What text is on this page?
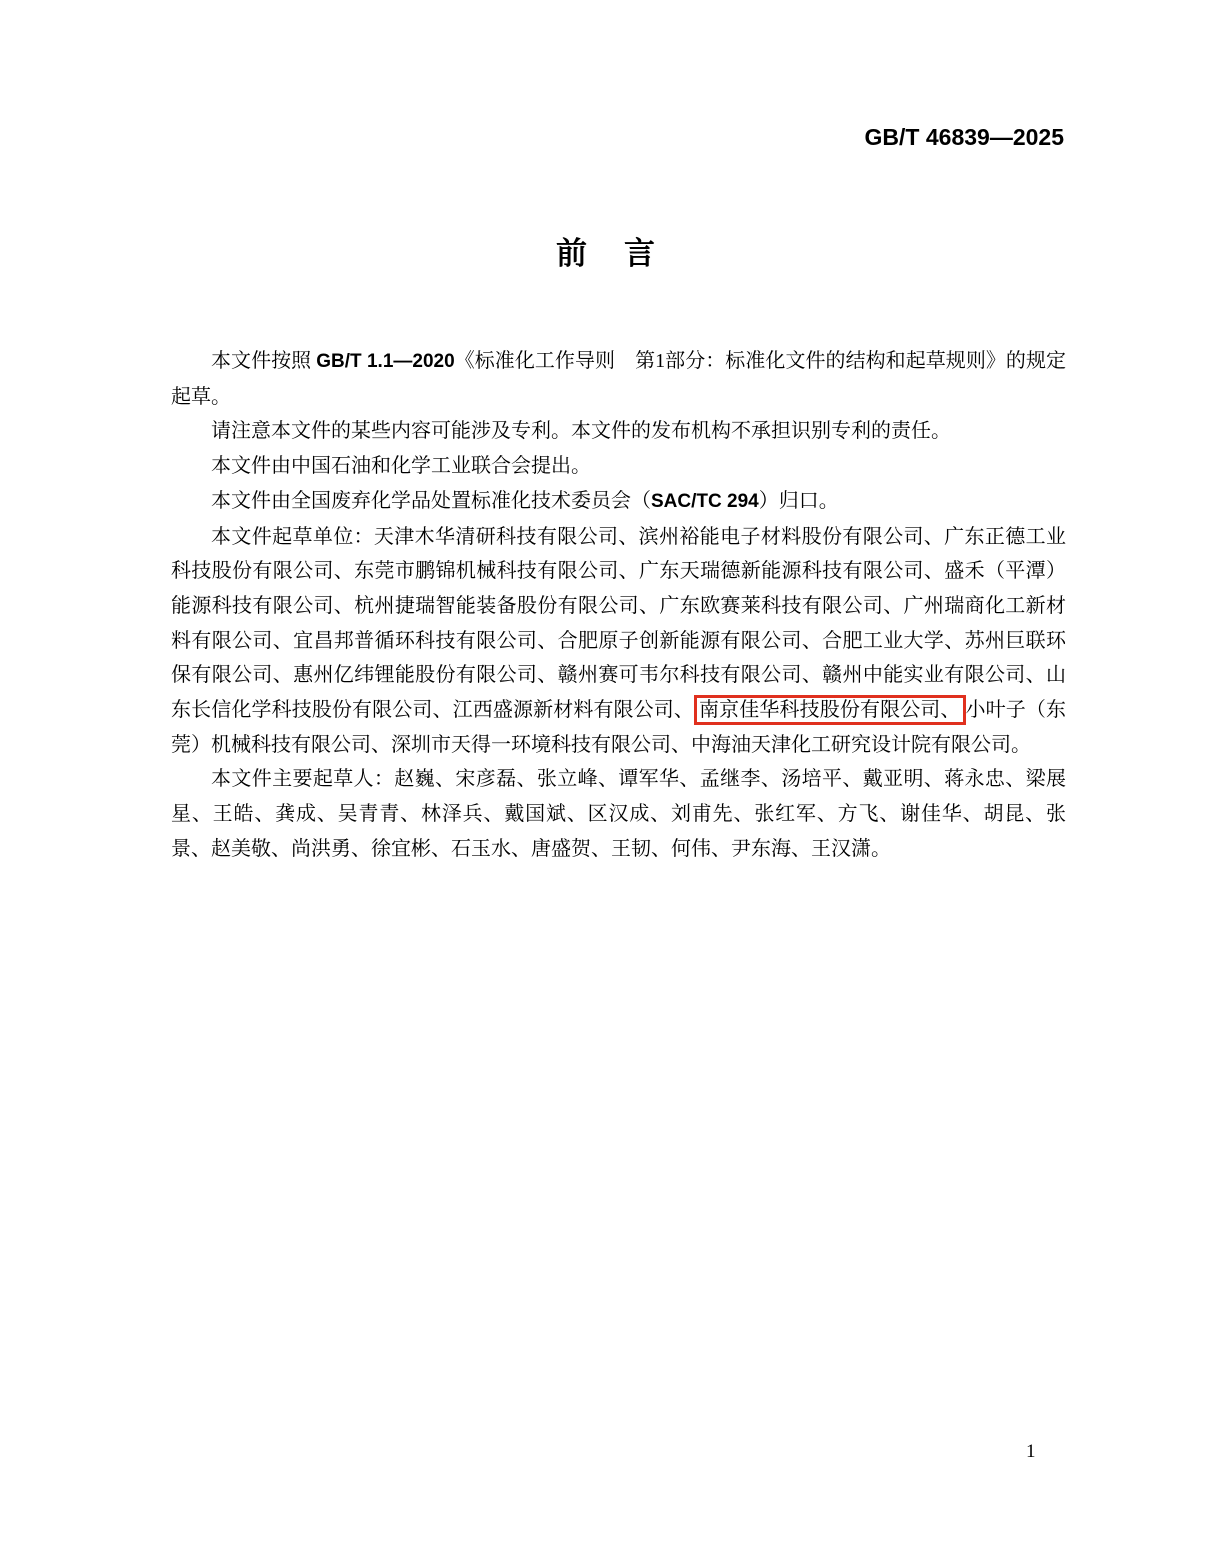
GB/T 46839—2025
前　言

本文件按照 GB/T 1.1—2020《标准化工作导则　第1部分：标准化文件的结构和起草规则》的规定起草。

请注意本文件的某些内容可能涉及专利。本文件的发布机构不承担识别专利的责任。

本文件由中国石油和化学工业联合会提出。

本文件由全国废弃化学品处置标准化技术委员会（SAC/TC 294）归口。

本文件起草单位：天津木华清研科技有限公司、滨州裕能电子材料股份有限公司、广东正德工业科技股份有限公司、东莞市鹏锦机械科技有限公司、广东天瑞德新能源科技有限公司、盛禾（平潭）能源科技有限公司、杭州捷瑞智能装备股份有限公司、广东欧赛莱科技有限公司、广州瑞商化工新材料有限公司、宜昌邦普循环科技有限公司、合肥原子创新能源有限公司、合肥工业大学、苏州巨联环保有限公司、惠州亿纬锂能股份有限公司、赣州赛可韦尔科技有限公司、赣州中能实业有限公司、山东长信化学科技股份有限公司、江西盛源新材料有限公司、 南京佳华科技股份有限公司、 小叶子（东莞）机械科技有限公司、深圳市天得一环境科技有限公司、中海油天津化工研究设计院有限公司。

本文件主要起草人：赵巍、宋彦磊、张立峰、谭军华、孟继李、汤培平、戴亚明、蒋永忠、梁展星、王皓、龚成、吴青青、林泽兵、戴国斌、区汉成、刘甫先、张红军、方飞、谢佳华、胡昆、张景、赵美敬、尚洪勇、徐宜彬、石玉水、唐盛贺、王韧、何伟、尹东海、王汉潇。

1
